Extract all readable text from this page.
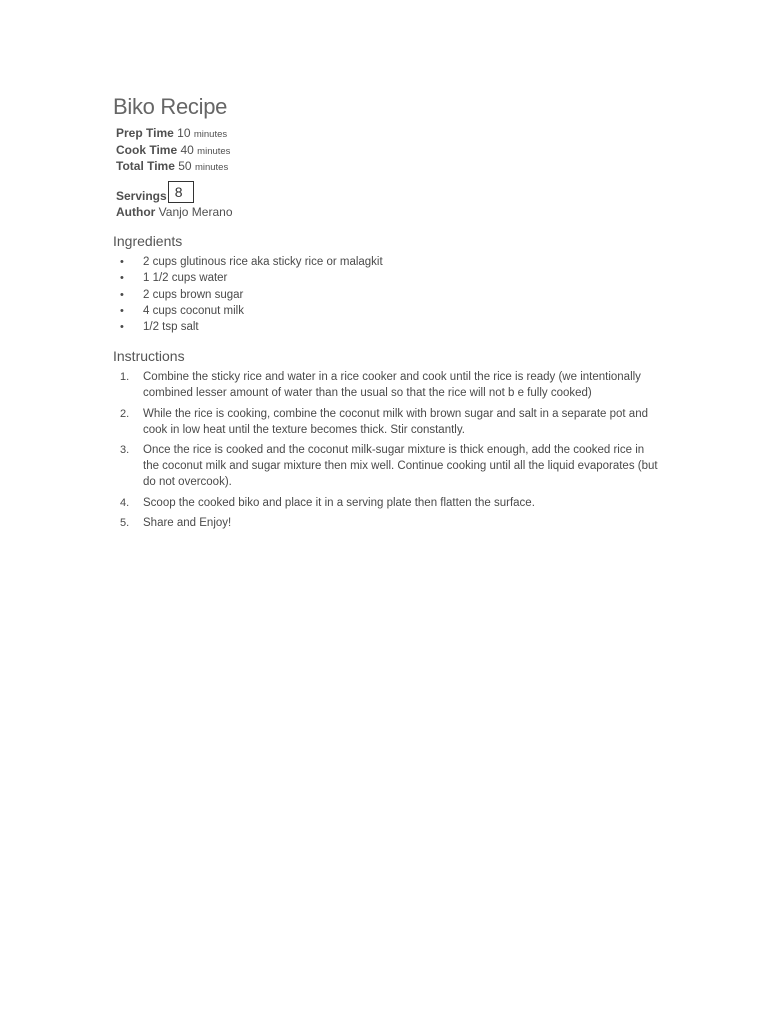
Biko Recipe
Prep Time 10 minutes
Cook Time 40 minutes
Total Time 50 minutes
Servings 8
Author Vanjo Merano
Ingredients
• 2 cups glutinous rice aka sticky rice or malagkit
• 1 1/2 cups water
• 2 cups brown sugar
• 4 cups coconut milk
• 1/2 tsp salt
Instructions
1. Combine the sticky rice and water in a rice cooker and cook until the rice is ready (we intentionally combined lesser amount of water than the usual so that the rice will not b e fully cooked)
2. While the rice is cooking, combine the coconut milk with brown sugar and salt in a separate pot and cook in low heat until the texture becomes thick. Stir constantly.
3. Once the rice is cooked and the coconut milk-sugar mixture is thick enough, add the cooked rice in the coconut milk and sugar mixture then mix well. Continue cooking until all the liquid evaporates (but do not overcook).
4. Scoop the cooked biko and place it in a serving plate then flatten the surface.
5. Share and Enjoy!
